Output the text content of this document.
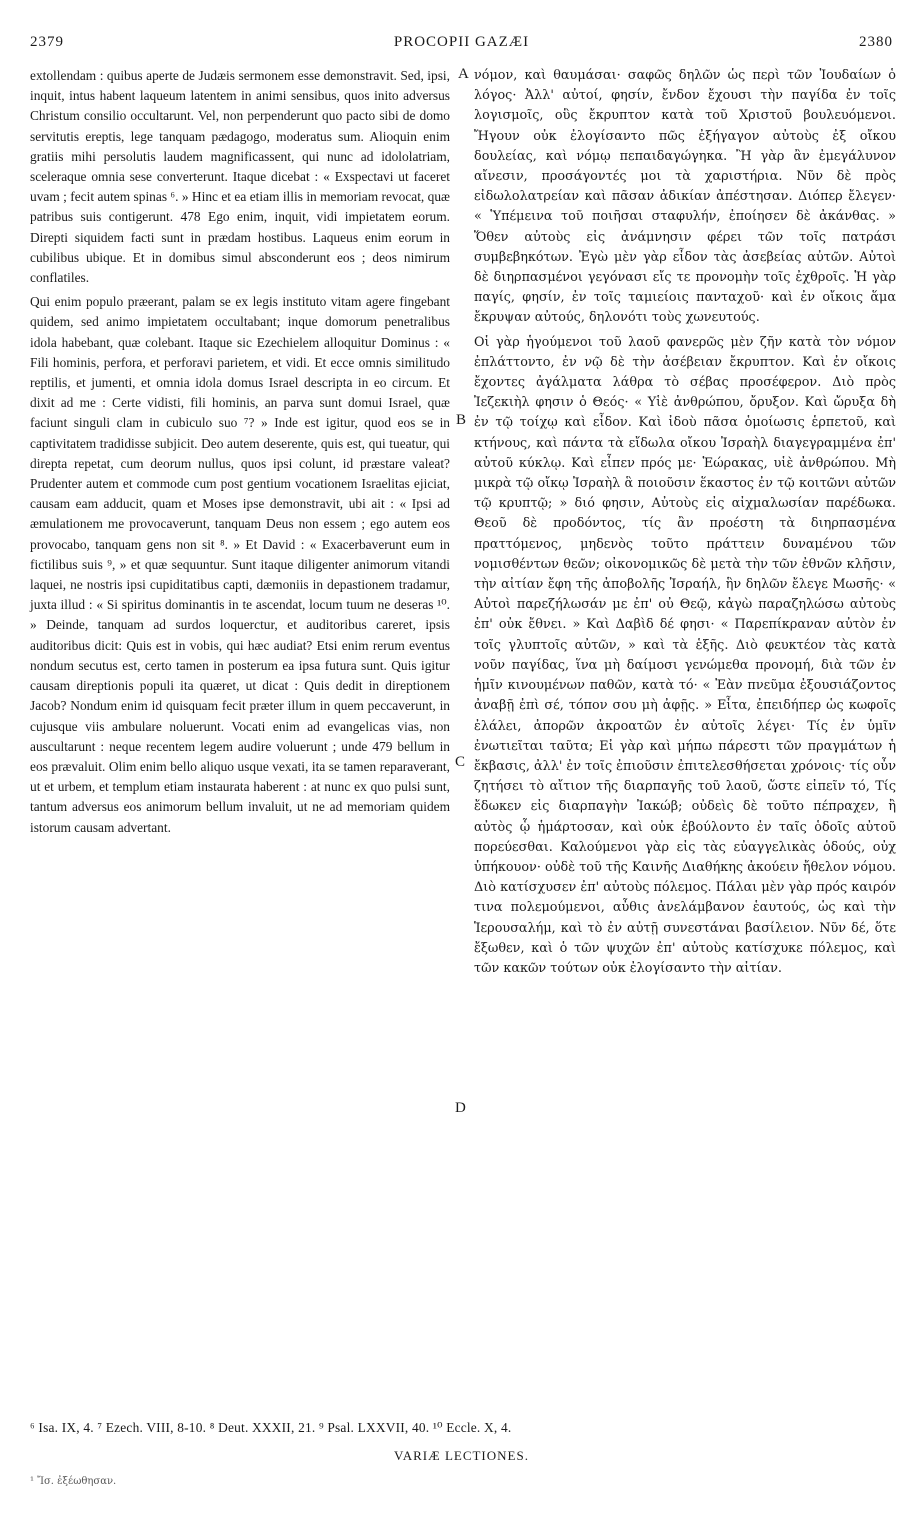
2379	PROCOPII GAZÆI	2380

extollendam : quibus aperte de Judæis sermonem esse demonstravit. Sed, ipsi, inquit, intus habent laqueum latentem in animi sensibus, quos inito adversus Christum consilio occultarunt. Vel, non perpenderunt quo pacto sibi de domo servitutis ereptis, lege tanquam pædagogo, moderatus sum. Alioquin enim gratiis mihi persolutis laudem magnificassent, qui nunc ad idololatriam, sceleraque omnia sese converterunt. Itaque dicebat : « Exspectavi ut faceret uvam ; fecit autem spinas ⁶. » Hinc et ea etiam illis in memoriam revocat, quæ patribus suis contigerunt. 478 Ego enim, inquit, vidi impietatem eorum. Direpti siquidem facti sunt in prædam hostibus. Laqueus enim eorum in cubilibus ubique. Et in domibus simul absconderunt eos ; deos nimirum conflatiles.

Qui enim populo præerant, palam se ex legis instituto vitam agere fingebant quidem, sed animo impietatem occultabant; inque domorum penetralibus idola habebant, quæ colebant. Itaque sic Ezechielem alloquitur Dominus : « Fili hominis, perfora, et perforavi parietem, et vidi. Et ecce omnis similitudo reptilis, et jumenti, et omnia idola domus Israel descripta in eo circum. Et dixit ad me : Certe vidisti, fili hominis, an parva sunt domui Israel, quæ faciunt singuli clam in cubiculo suo ⁷? » Inde est igitur, quod eos se in captivitatem tradidisse subjicit. Deo autem deserente, quis est, qui tueatur, qui direpta repetat, cum deorum nullus, quos ipsi colunt, id præstare valeat? Prudenter autem et commode cum post gentium vocationem Israelitas ejiciat, causam eam adducit, quam et Moses ipse demonstravit, ubi ait : « Ipsi ad æmulationem me provocaverunt, tanquam Deus non essem ; ego autem eos provocabo, tanquam gens non sit ⁸. » Et David : « Exacerbaverunt eum in fictilibus suis ⁹, » et quæ sequuntur. Sunt itaque diligenter animorum vitandi laquei, ne nostris ipsi cupiditatibus capti, dæmoniis in depastionem tradamur, juxta illud : « Si spiritus dominantis in te ascendat, locum tuum ne deseras ¹⁰. » Deinde, tanquam ad surdos loquerctur, et auditoribus careret, ipsis auditoribus dicit: Quis est in vobis, qui hæc audiat? Etsi enim rerum eventus nondum secutus est, certo tamen in posterum ea ipsa futura sunt. Quis igitur causam direptionis populi ita quæret, ut dicat : Quis dedit in direptionem Jacob? Nondum enim id quisquam fecit præter illum in quem peccaverunt, in cujusque viis ambulare noluerunt. Vocati enim ad evangelicas vias, non auscultarunt : neque recentem legem audire voluerunt ; unde 479 bellum in eos prævaluit. Olim enim bello aliquo usque vexati, ita se tamen reparaverant, ut et urbem, et templum etiam instaurata haberent : at nunc ex quo pulsi sunt, tantum adversus eos animorum bellum invaluit, ut ne ad memoriam quidem istorum causam advertant.

A
B
C
D

νόμον, καὶ θαυμάσαι· σαφῶς δηλῶν ὡς περὶ τῶν Ἰουδαίων ὁ λόγος· Ἀλλ' αὐτοί, φησίν, ἔνδον ἔχουσι τὴν παγίδα ἐν τοῖς λογισμοῖς, οὓς ἔκρυπτον κατὰ τοῦ Χριστοῦ βουλευόμενοι. Ἤγουν οὐκ ἐλογίσαντο πῶς ἐξήγαγον αὐτοὺς ἐξ οἴκου δουλείας, καὶ νόμῳ πεπαιδαγώγηκα. Ἢ γὰρ ἂν ἐμεγάλυνον αἴνεσιν, προσάγοντές μοι τὰ χαριστήρια. Νῦν δὲ πρὸς εἰδωλολατρείαν καὶ πᾶσαν ἀδικίαν ἀπέστησαν. Διόπερ ἔλεγεν· « Ὑπέμεινα τοῦ ποιῆσαι σταφυλήν, ἐποίησεν δὲ ἀκάνθας. » Ὅθεν αὐτοὺς εἰς ἀνάμνησιν φέρει τῶν τοῖς πατράσι συμβεβηκότων. Ἐγὼ μὲν γὰρ εἶδον τὰς ἀσεβείας αὐτῶν. Αὐτοὶ δὲ διηρπασμένοι γεγόνασι εἴς τε προνομὴν τοῖς ἐχθροῖς. Ἡ γὰρ παγίς, φησίν, ἐν τοῖς ταμιείοις πανταχοῦ· καὶ ἐν οἴκοις ἅμα ἔκρυψαν αὐτούς, δηλονότι τοὺς χωνευτούς.

Οἱ γὰρ ἡγούμενοι τοῦ λαοῦ φανερῶς μὲν ζῆν κατὰ τὸν νόμον ἐπλάττοντο, ἐν νῷ δὲ τὴν ἀσέβειαν ἔκρυπτον. Καὶ ἐν οἴκοις ἔχοντες ἀγάλματα λάθρα τὸ σέβας προσέφερον. Διὸ πρὸς Ἰεζεκιὴλ φησιν ὁ Θεός· « Υἱὲ ἀνθρώπου, ὄρυξον. Καὶ ὤρυξα δὴ ἐν τῷ τοίχῳ καὶ εἶδον. Καὶ ἰδοὺ πᾶσα ὁμοίωσις ἑρπετοῦ, καὶ κτήνους, καὶ πάντα τὰ εἴδωλα οἴκου Ἰσραὴλ διαγεγραμμένα ἐπ' αὐτοῦ κύκλῳ. Καὶ εἶπεν πρός με· Ἑώρακας, υἱὲ ἀνθρώπου. Μὴ μικρὰ τῷ οἴκῳ Ἰσραὴλ ἃ ποιοῦσιν ἕκαστος ἐν τῷ κοιτῶνι αὐτῶν τῷ κρυπτῷ; » διό φησιν, Αὐτοὺς εἰς αἰχμαλωσίαν παρέδωκα. Θεοῦ δὲ προδόντος, τίς ἂν προέστη τὰ διηρπασμένα πραττόμενος, μηδενὸς τοῦτο πράττειν δυναμένου τῶν νομισθέντων θεῶν; οἰκονομικῶς δὲ μετὰ τὴν τῶν ἐθνῶν κλῆσιν, τὴν αἰτίαν ἔφη τῆς ἀποβολῆς Ἰσραήλ, ἣν δηλῶν ἔλεγε Μωσῆς· « Αὐτοὶ παρεζήλωσάν με ἐπ' οὐ Θεῷ, κἀγὼ παραζηλώσω αὐτοὺς ἐπ' οὐκ ἔθνει. » Καὶ Δαβὶδ δέ φησι· « Παρεπίκραναν αὐτὸν ἐν τοῖς γλυπτοῖς αὐτῶν, » καὶ τὰ ἑξῆς. Διὸ φευκτέον τὰς κατὰ νοῦν παγίδας, ἵνα μὴ δαίμοσι γενώμεθα προνομή, διὰ τῶν ἐν ἡμῖν κινουμένων παθῶν, κατὰ τό· « Ἐὰν πνεῦμα ἐξουσιάζοντος ἀναβῇ ἐπὶ σέ, τόπον σου μὴ ἀφῇς. » Εἶτα, ἐπειδήπερ ὡς κωφοῖς ἐλάλει, ἀπορῶν ἀκροατῶν ἐν αὐτοῖς λέγει· Τίς ἐν ὑμῖν ἐνωτιεῖται ταῦτα; Εἰ γὰρ καὶ μήπω πάρεστι τῶν πραγμάτων ἡ ἔκβασις, ἀλλ' ἐν τοῖς ἐπιοῦσιν ἐπιτελεσθήσεται χρόνοις· τίς οὖν ζητήσει τὸ αἴτιον τῆς διαρπαγῆς τοῦ λαοῦ, ὥστε εἰπεῖν τό, Τίς ἔδωκεν εἰς διαρπαγὴν Ἰακώβ; οὐδεὶς δὲ τοῦτο πέπραχεν, ἢ αὐτὸς ᾧ ἡμάρτοσαν, καὶ οὐκ ἐβούλοντο ἐν ταῖς ὁδοῖς αὐτοῦ πορεύεσθαι. Καλούμενοι γὰρ εἰς τὰς εὐαγγελικὰς ὁδούς, οὐχ ὑπήκουον· οὐδὲ τοῦ τῆς Καινῆς Διαθήκης ἀκούειν ἤθελον νόμου. Διὸ κατίσχυσεν ἐπ' αὐτοὺς πόλεμος. Πάλαι μὲν γὰρ πρός καιρόν τινα πολεμούμενοι, αὖθις ἀνελάμβανον ἑαυτούς, ὡς καὶ τὴν Ἱερουσαλήμ, καὶ τὸ ἐν αὐτῇ συνεστάναι βασίλειον. Νῦν δέ, ὅτε ἔξωθεν, καὶ ὁ τῶν ψυχῶν ἐπ' αὐτοὺς κατίσχυκε πόλεμος, καὶ τῶν κακῶν τούτων οὐκ ἐλογίσαντο τὴν αἰτίαν.

⁶ Isa. IX, 4. ⁷ Ezech. VIII, 8-10. ⁸ Deut. XXXII, 21. ⁹ Psal. LXXVII, 40. ¹⁰ Eccle. X, 4.
VARIÆ LECTIONES.
¹ Ἴσ. ἐξέωθησαν.
